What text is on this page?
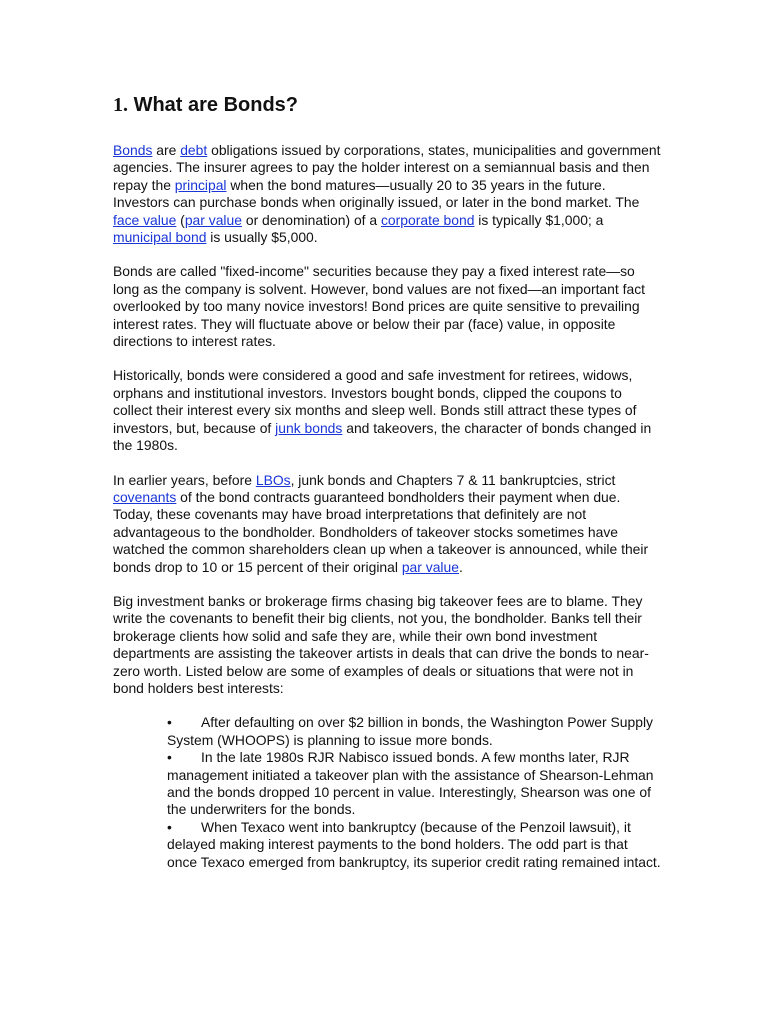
1. What are Bonds?

Bonds are debt obligations issued by corporations, states, municipalities and government agencies. The insurer agrees to pay the holder interest on a semiannual basis and then repay the principal when the bond matures—usually 20 to 35 years in the future. Investors can purchase bonds when originally issued, or later in the bond market. The face value (par value or denomination) of a corporate bond is typically $1,000; a municipal bond is usually $5,000.

Bonds are called "fixed-income" securities because they pay a fixed interest rate—so long as the company is solvent. However, bond values are not fixed—an important fact overlooked by too many novice investors! Bond prices are quite sensitive to prevailing interest rates. They will fluctuate above or below their par (face) value, in opposite directions to interest rates.

Historically, bonds were considered a good and safe investment for retirees, widows, orphans and institutional investors. Investors bought bonds, clipped the coupons to collect their interest every six months and sleep well. Bonds still attract these types of investors, but, because of junk bonds and takeovers, the character of bonds changed in the 1980s.

In earlier years, before LBOs, junk bonds and Chapters 7 & 11 bankruptcies, strict covenants of the bond contracts guaranteed bondholders their payment when due. Today, these covenants may have broad interpretations that definitely are not advantageous to the bondholder. Bondholders of takeover stocks sometimes have watched the common shareholders clean up when a takeover is announced, while their bonds drop to 10 or 15 percent of their original par value.

Big investment banks or brokerage firms chasing big takeover fees are to blame. They write the covenants to benefit their big clients, not you, the bondholder. Banks tell their brokerage clients how solid and safe they are, while their own bond investment departments are assisting the takeover artists in deals that can drive the bonds to near-zero worth. Listed below are some of examples of deals or situations that were not in bond holders best interests:

• After defaulting on over $2 billion in bonds, the Washington Power Supply System (WHOOPS) is planning to issue more bonds.
• In the late 1980s RJR Nabisco issued bonds. A few months later, RJR management initiated a takeover plan with the assistance of Shearson-Lehman and the bonds dropped 10 percent in value. Interestingly, Shearson was one of the underwriters for the bonds.
• When Texaco went into bankruptcy (because of the Penzoil lawsuit), it delayed making interest payments to the bond holders. The odd part is that once Texaco emerged from bankruptcy, its superior credit rating remained intact.
